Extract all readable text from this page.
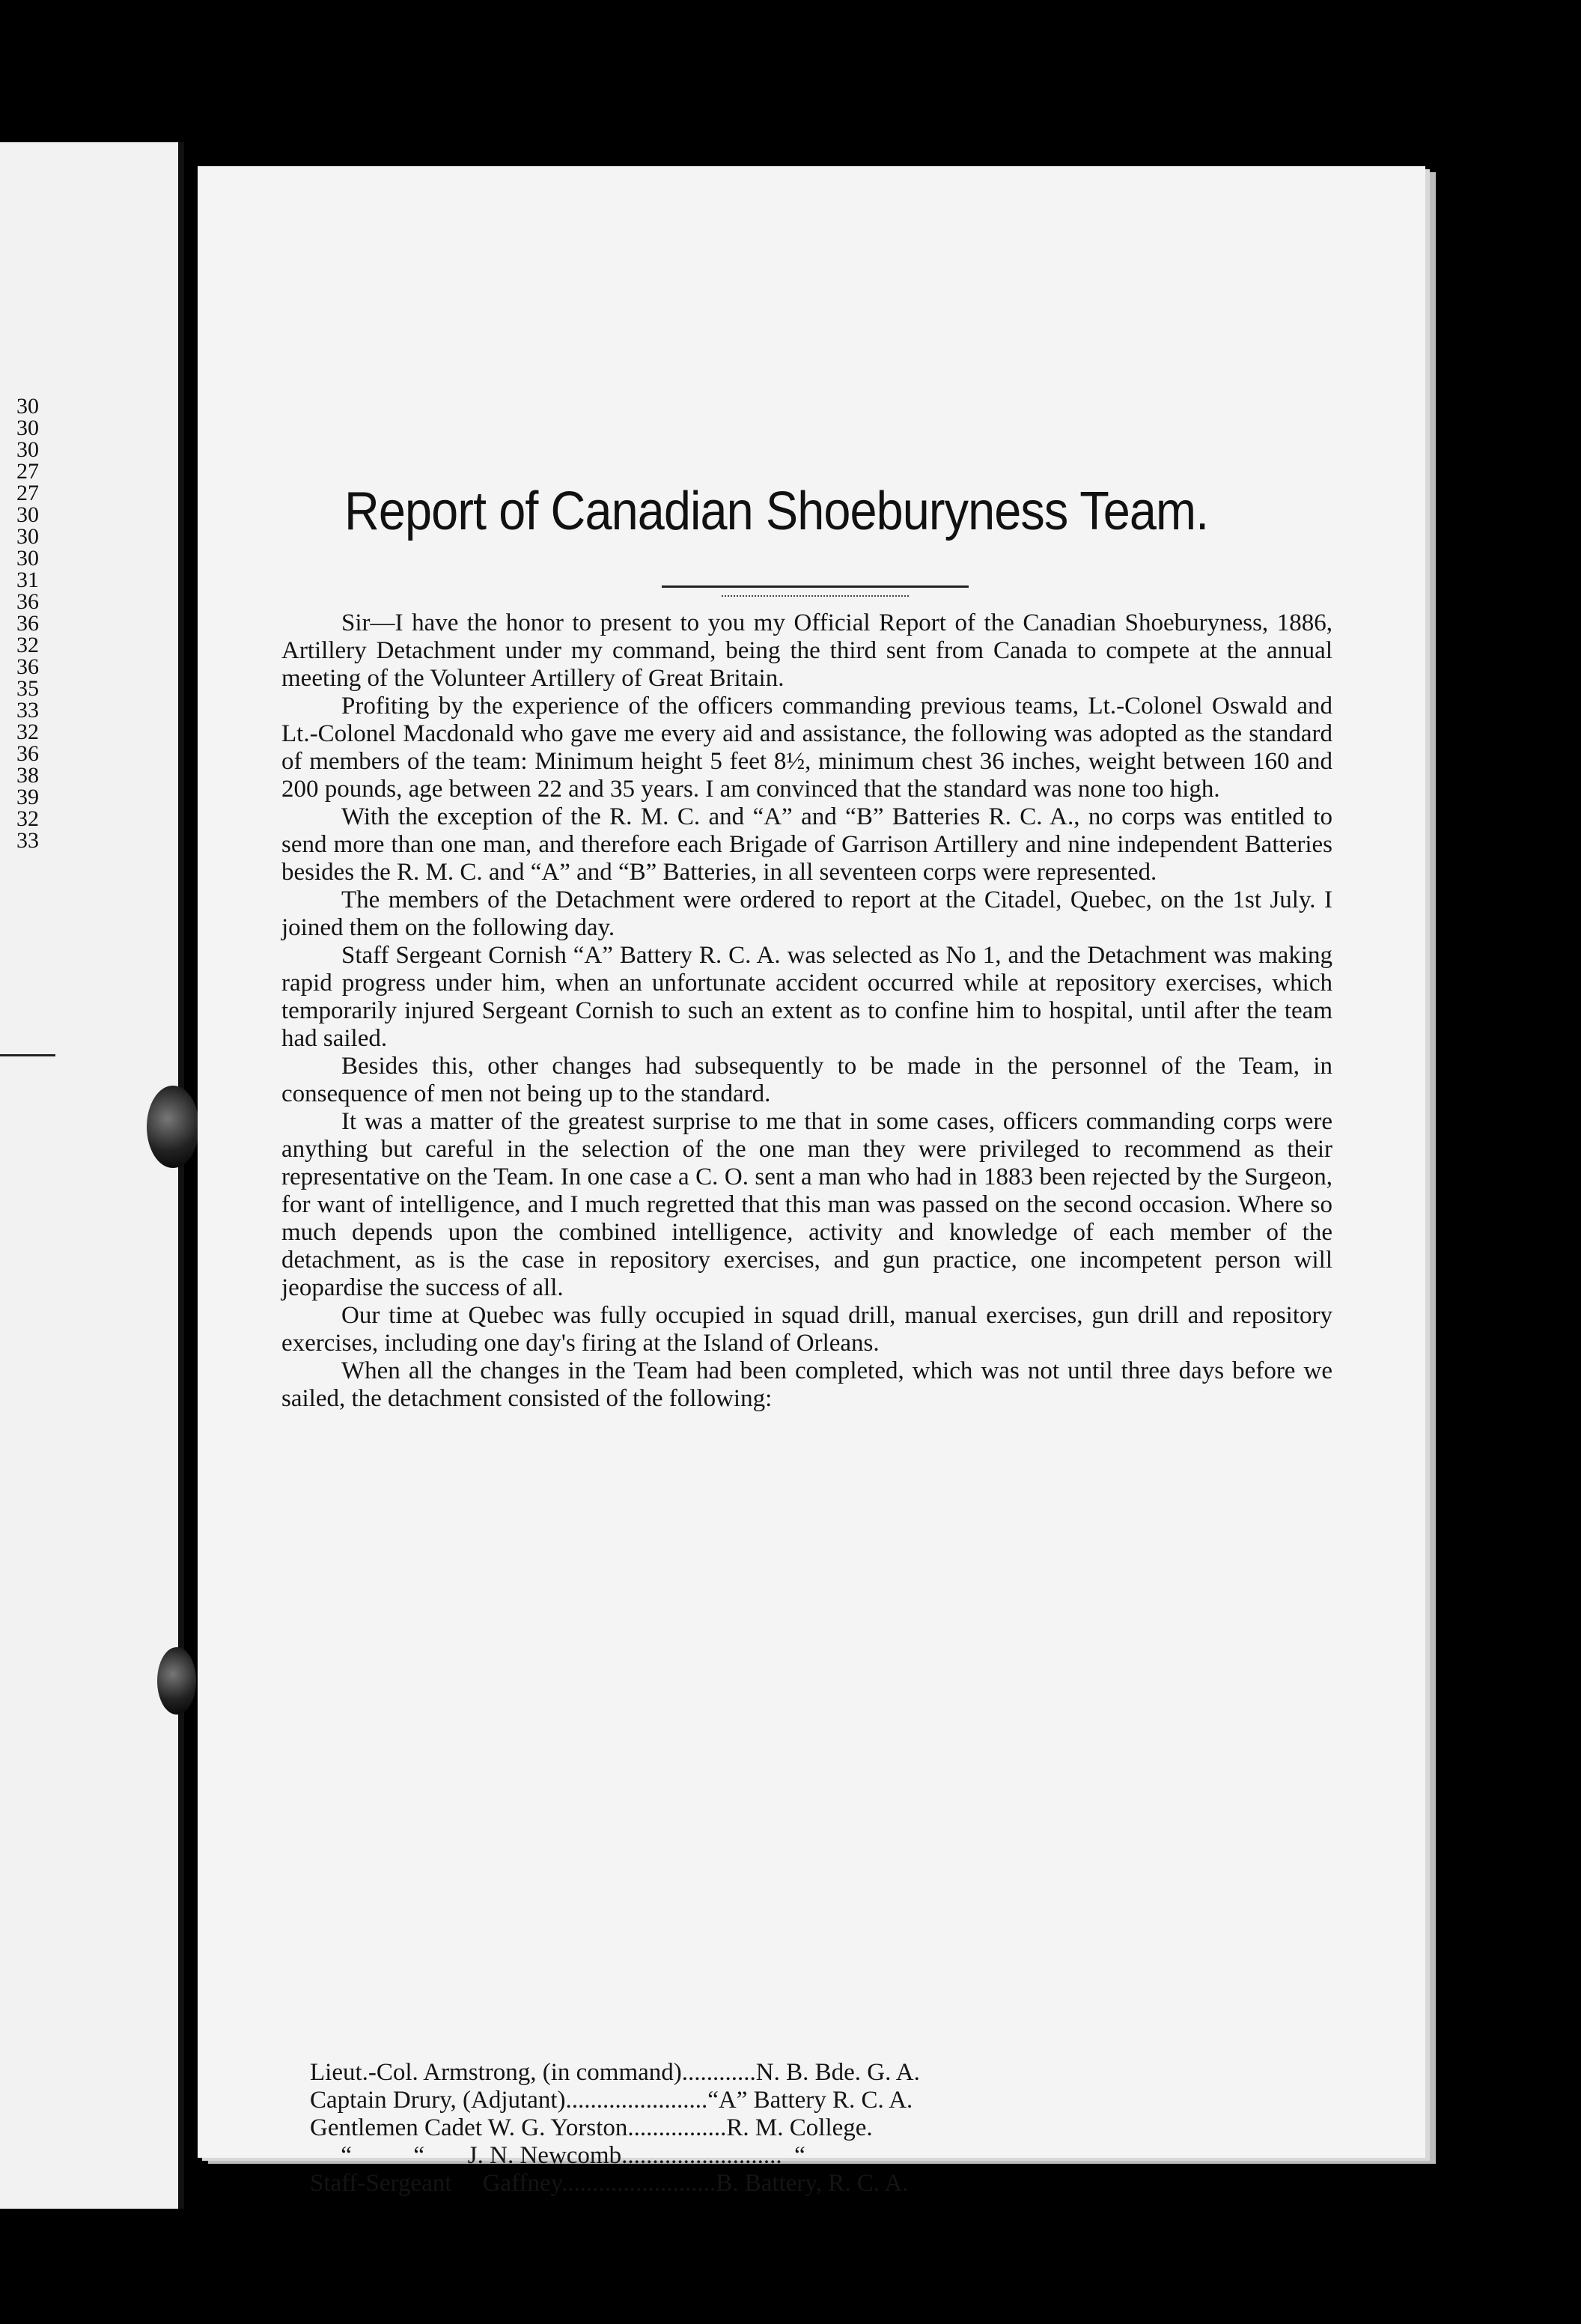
30
30
30
27
27
30
30
30
31
36
36
32
36
35
33
32
36
38
39
32
33
Report of Canadian Shoeburyness Team.

Sir—I have the honor to present to you my Official Report of the Canadian Shoeburyness, 1886, Artillery Detachment under my command, being the third sent from Canada to compete at the annual meeting of the Volunteer Artillery of Great Britain.

Profiting by the experience of the officers commanding previous teams, Lt.-Colonel Oswald and Lt.-Colonel Macdonald who gave me every aid and assistance, the following was adopted as the standard of members of the team: Minimum height 5 feet 8½, minimum chest 36 inches, weight between 160 and 200 pounds, age between 22 and 35 years. I am convinced that the standard was none too high.

With the exception of the R. M. C. and “A” and “B” Batteries R. C. A., no corps was entitled to send more than one man, and therefore each Brigade of Garrison Artillery and nine independent Batteries besides the R. M. C. and “A” and “B” Batteries, in all seventeen corps were represented.

The members of the Detachment were ordered to report at the Citadel, Quebec, on the 1st July. I joined them on the following day.

Staff Sergeant Cornish “A” Battery R. C. A. was selected as No 1, and the Detachment was making rapid progress under him, when an unfortunate accident occurred while at repository exercises, which temporarily injured Sergeant Cornish to such an extent as to confine him to hospital, until after the team had sailed.

Besides this, other changes had subsequently to be made in the personnel of the Team, in consequence of men not being up to the standard.

It was a matter of the greatest surprise to me that in some cases, officers commanding corps were anything but careful in the selection of the one man they were privileged to recommend as their representative on the Team. In one case a C. O. sent a man who had in 1883 been rejected by the Surgeon, for want of intelligence, and I much regretted that this man was passed on the second occasion. Where so much depends upon the combined intelligence, activity and knowledge of each member of the detachment, as is the case in repository exercises, and gun practice, one incompetent person will jeopardise the success of all.

Our time at Quebec was fully occupied in squad drill, manual exercises, gun drill and repository exercises, including one day's firing at the Island of Orleans.

When all the changes in the Team had been completed, which was not until three days before we sailed, the detachment consisted of the following:

Lieut.-Col. Armstrong, (in command)............N. B. Bde. G. A.
Captain Drury, (Adjutant).......................“A” Battery R. C. A.
Gentlemen Cadet W. G. Yorston................R. M. College.
“          “       J. N. Newcomb..........................  “
Staff-Sergeant     Gaffney.........................B. Battery, R. C. A.
